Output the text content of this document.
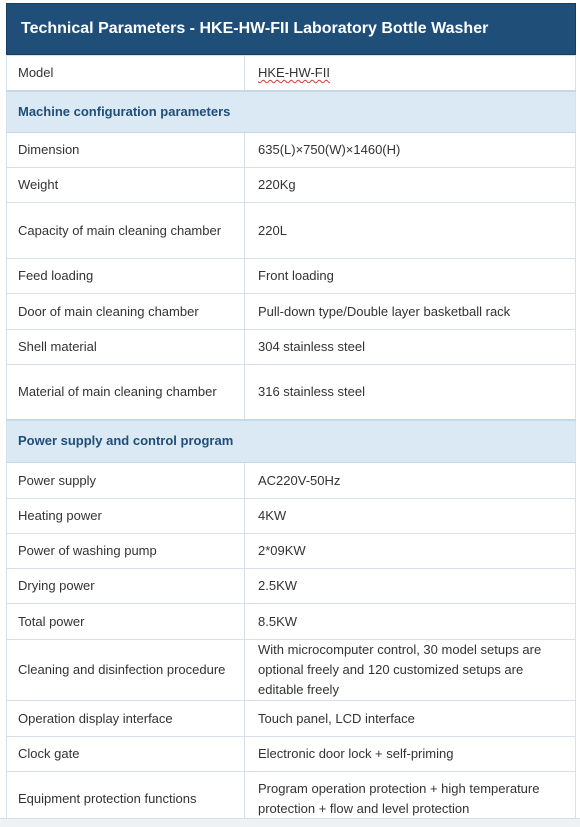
Technical Parameters - HKE-HW-FII Laboratory Bottle Washer
Model	HKE-HW-FII
Machine configuration parameters	
Dimension	635(L)×750(W)×1460(H)
Weight	220Kg
Capacity of main cleaning chamber	220L
Feed loading	Front loading
Door of main cleaning chamber	Pull-down type/Double layer basketball rack
Shell material	304 stainless steel
Material of main cleaning chamber	316 stainless steel
Power supply and control program	
Power supply	AC220V-50Hz
Heating power	4KW
Power of washing pump	2*09KW
Drying power	2.5KW
Total power	8.5KW
Cleaning and disinfection procedure	With microcomputer control, 30 model setups are optional freely and 120 customized setups are editable freely
Operation display interface	Touch panel, LCD interface
Clock gate	Electronic door lock + self-priming
Equipment protection functions	Program operation protection + high temperature protection + flow and level protection
